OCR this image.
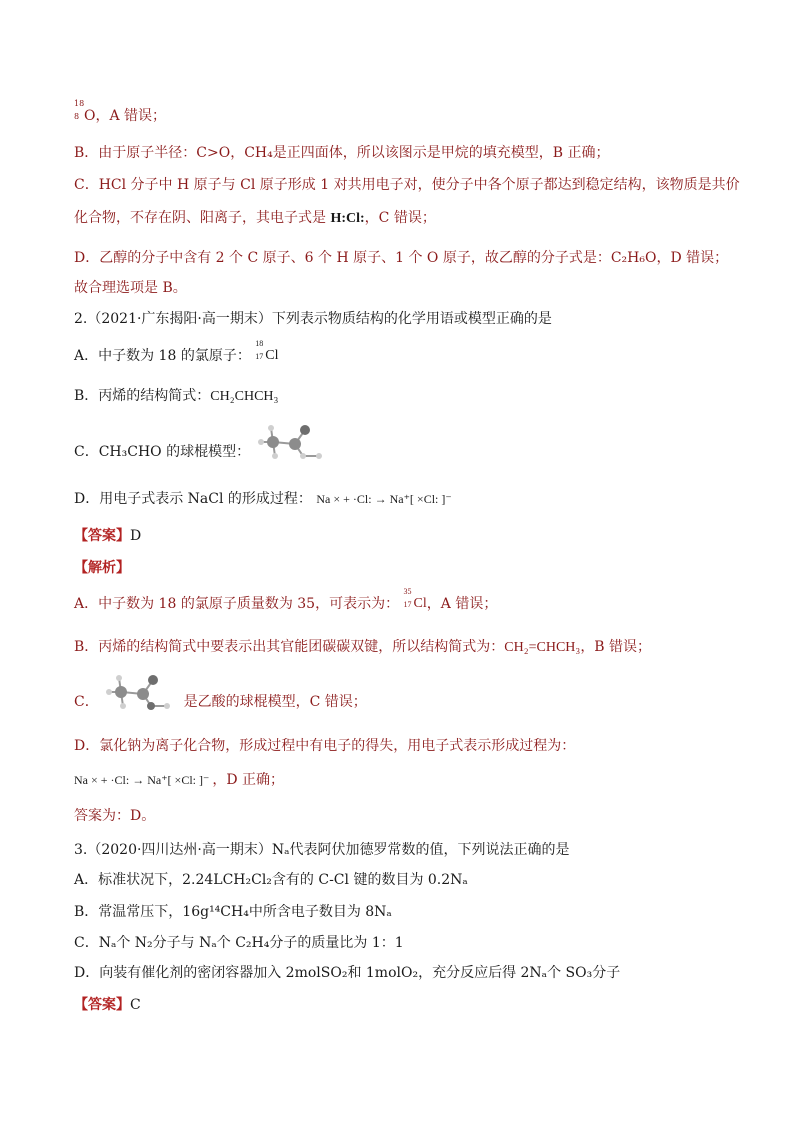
18
8 O，A 错误；
B．由于原子半径：C>O，CH₄是正四面体，所以该图示是甲烷的填充模型，B 正确；
C．HCl 分子中 H 原子与 Cl 原子形成 1 对共用电子对，使分子中各个原子都达到稳定结构，该物质是共价
化合物，不存在阴、阳离子，其电子式是 H:Cl:，C 错误；
D．乙醇的分子中含有 2 个 C 原子、6 个 H 原子、1 个 O 原子，故乙醇的分子式是：C₂H₆O，D 错误；
故合理选项是 B。
2.（2021·广东揭阳·高一期末）下列表示物质结构的化学用语或模型正确的是
A．中子数为 18 的氯原子：
18
17 Cl
B．丙烯的结构简式：CH₂CHCH₃
C．CH₃CHO 的球棍模型：
D．用电子式表示 NaCl 的形成过程： Na × + ·Cl: → Na⁺[ ×Cl: ]⁻
【答案】D
【解析】
A．中子数为 18 的氯原子质量数为 35，可表示为：
35
17 Cl，A 错误；
B．丙烯的结构简式中要表示出其官能团碳碳双键，所以结构简式为：CH₂=CHCH₃，B 错误；
C．	是乙酸的球棍模型，C 错误；
D．氯化钠为离子化合物，形成过程中有电子的得失，用电子式表示形成过程为：
Na × + ·Cl: → Na⁺[ ×Cl: ]⁻ ，D 正确；
答案为：D。
3.（2020·四川达州·高一期末）Nₐ代表阿伏加德罗常数的值，下列说法正确的是
A．标准状况下，2.24LCH₂Cl₂含有的 C-Cl 键的数目为 0.2Nₐ
B．常温常压下，16g¹⁴CH₄中所含电子数目为 8Nₐ
C．Nₐ个 N₂分子与 Nₐ个 C₂H₄分子的质量比为 1：1
D．向装有催化剂的密闭容器加入 2molSO₂和 1molO₂，充分反应后得 2Nₐ个 SO₃分子
【答案】C
